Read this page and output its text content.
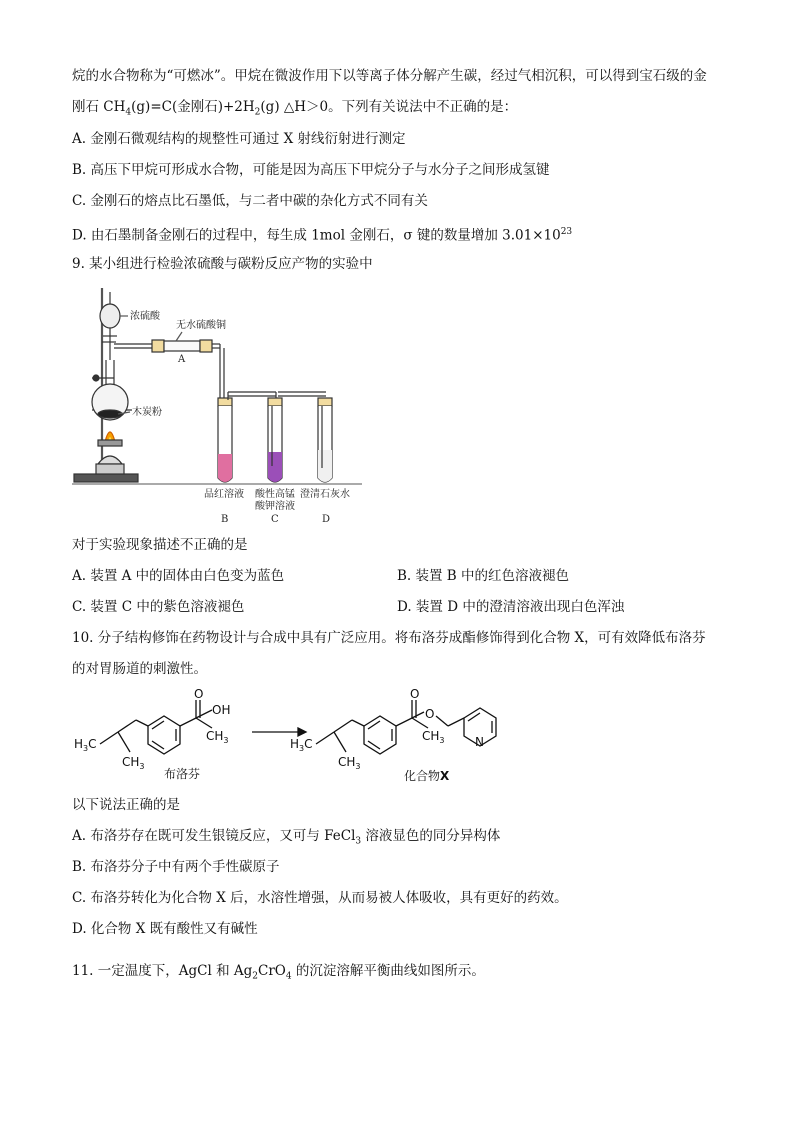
烷的水合物称为“可燃冰”。甲烷在微波作用下以等离子体分解产生碳，经过气相沉积，可以得到宝石级的金
刚石 $CH_4(g)=C$(金刚石)$+2H_2(g)$ △H＞0。下列有关说法中不正确的是：
A. 金刚石微观结构的规整性可通过 X 射线衍射进行测定
B. 高压下甲烷可形成水合物，可能是因为高压下甲烷分子与水分子之间形成氢键
C. 金刚石的熔点比石墨低，与二者中碳的杂化方式不同有关
D. 由石墨制备金刚石的过程中，每生成 1mol 金刚石，σ 键的数量增加 $3.01\times 10^{23}$
9. 某小组进行检验浓硫酸与碳粉反应产物的实验中
浓硫酸
无水硫酸铜
A
木炭粉
品红溶液 酸性高锰
酸钾溶液
澄清石灰水
B	C	D
对于实验现象描述不正确的是
A. 装置 A 中的固体由白色变为蓝色	B. 装置 B 中的红色溶液褪色
C. 装置 C 中的紫色溶液褪色	D. 装置 D 中的澄清溶液出现白色浑浊
10. 分子结构修饰在药物设计与合成中具有广泛应用。将布洛芬成酯修饰得到化合物 X，可有效降低布洛芬
的对胃肠道的刺激性。
O
OH
$H_3C$
$CH_3$
$CH_3$
O
O
$H_3C$
$CH_3$
$CH_3$	N
布洛芬	化合物X
以下说法正确的是
A. 布洛芬存在既可发生银镜反应，又可与 FeCl$_3$ 溶液显色的同分异构体
B. 布洛芬分子中有两个手性碳原子
C. 布洛芬转化为化合物 X 后，水溶性增强，从而易被人体吸收，具有更好的药效。
D. 化合物 X 既有酸性又有碱性
11. 一定温度下，AgCl 和 $Ag_2CrO_4$ 的沉淀溶解平衡曲线如图所示。
